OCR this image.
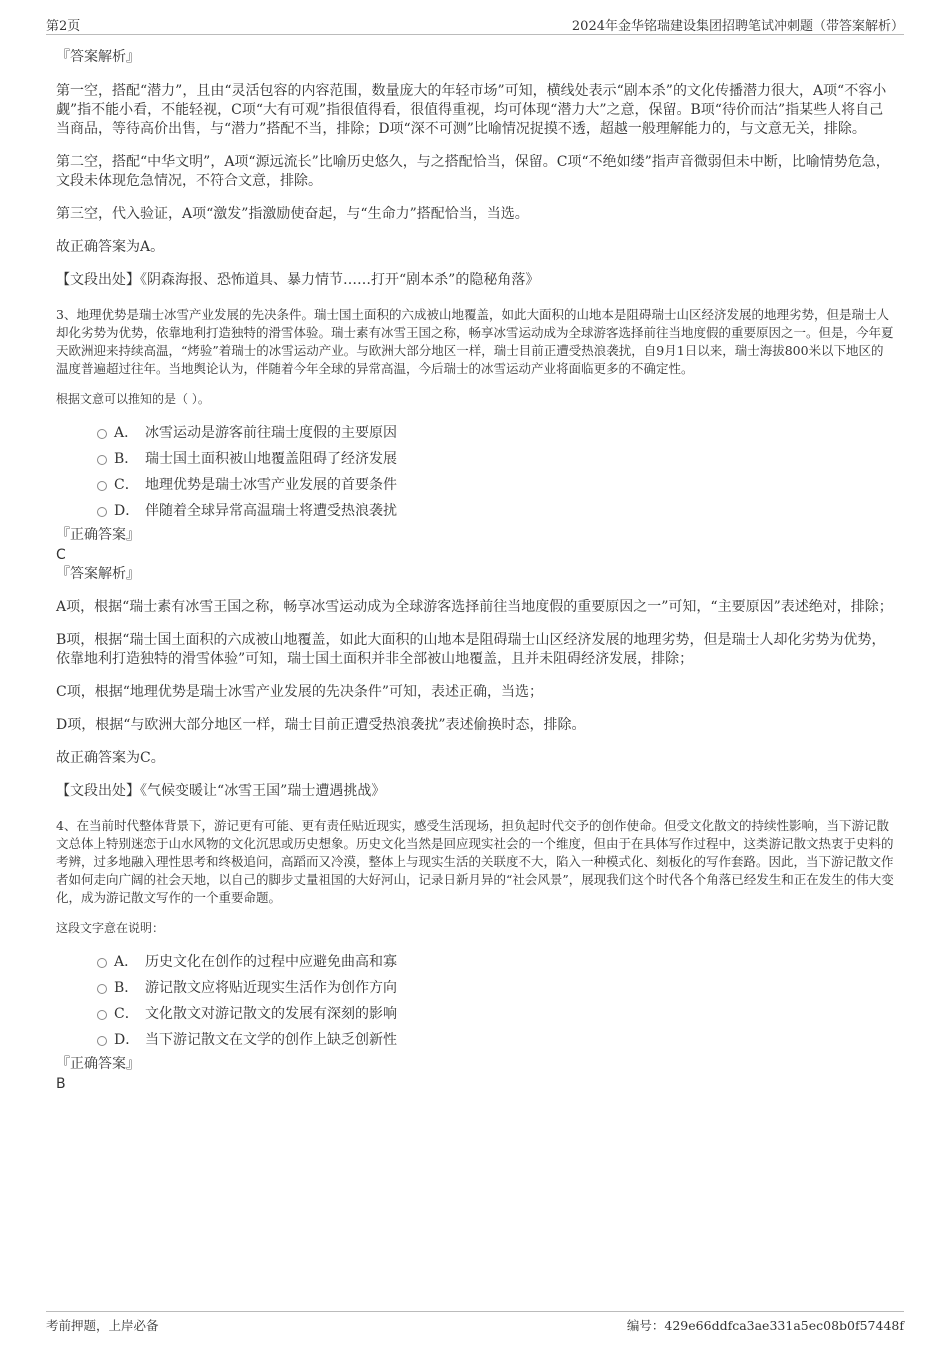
第2页	2024年金华铭瑞建设集团招聘笔试冲刺题（带答案解析）

『答案解析』

第一空，搭配“潜力”，且由“灵活包容的内容范围，数量庞大的年轻市场”可知，横线处表示“剧本杀”的文化传播潜力很大，A项“不容小觑”指不能小看，不能轻视，C项“大有可观”指很值得看，很值得重视，均可体现“潜力大”之意，保留。B项“待价而沽”指某些人将自己当商品，等待高价出售，与“潜力”搭配不当，排除；D项“深不可测”比喻情况捉摸不透，超越一般理解能力的，与文意无关，排除。

第二空，搭配“中华文明”，A项“源远流长”比喻历史悠久，与之搭配恰当，保留。C项“不绝如缕”指声音微弱但未中断，比喻情势危急，文段未体现危急情况，不符合文意，排除。

第三空，代入验证，A项“激发”指激励使奋起，与“生命力”搭配恰当，当选。

故正确答案为A。

【文段出处】《阴森海报、恐怖道具、暴力情节……打开“剧本杀”的隐秘角落》

3、地理优势是瑞士冰雪产业发展的先决条件。瑞士国土面积的六成被山地覆盖，如此大面积的山地本是阻碍瑞士山区经济发展的地理劣势，但是瑞士人却化劣势为优势，依靠地利打造独特的滑雪体验。瑞士素有冰雪王国之称，畅享冰雪运动成为全球游客选择前往当地度假的重要原因之一。但是，今年夏天欧洲迎来持续高温，“烤验”着瑞士的冰雪运动产业。与欧洲大部分地区一样，瑞士目前正遭受热浪袭扰，自9月1日以来，瑞士海拔800米以下地区的温度普遍超过往年。当地舆论认为，伴随着今年全球的异常高温，今后瑞士的冰雪运动产业将面临更多的不确定性。

根据文意可以推知的是（ ）。

A． 冰雪运动是游客前往瑞士度假的主要原因
B． 瑞士国土面积被山地覆盖阻碍了经济发展
C． 地理优势是瑞士冰雪产业发展的首要条件
D． 伴随着全球异常高温瑞士将遭受热浪袭扰

『正确答案』

C

『答案解析』

A项，根据“瑞士素有冰雪王国之称，畅享冰雪运动成为全球游客选择前往当地度假的重要原因之一”可知，“主要原因”表述绝对，排除；

B项，根据“瑞士国土面积的六成被山地覆盖，如此大面积的山地本是阻碍瑞士山区经济发展的地理劣势，但是瑞士人却化劣势为优势，依靠地利打造独特的滑雪体验”可知，瑞士国土面积并非全部被山地覆盖，且并未阻碍经济发展，排除；

C项，根据“地理优势是瑞士冰雪产业发展的先决条件”可知，表述正确，当选；

D项，根据“与欧洲大部分地区一样，瑞士目前正遭受热浪袭扰”表述偷换时态，排除。

故正确答案为C。

【文段出处】《气候变暖让“冰雪王国”瑞士遭遇挑战》

4、在当前时代整体背景下，游记更有可能、更有责任贴近现实，感受生活现场，担负起时代交予的创作使命。但受文化散文的持续性影响，当下游记散文总体上特别迷恋于山水风物的文化沉思或历史想象。历史文化当然是回应现实社会的一个维度，但由于在具体写作过程中，这类游记散文热衷于史料的考辨，过多地融入理性思考和终极追问，高蹈而又冷漠，整体上与现实生活的关联度不大，陷入一种模式化、刻板化的写作套路。因此，当下游记散文作者如何走向广阔的社会天地，以自己的脚步丈量祖国的大好河山，记录日新月异的“社会风景”，展现我们这个时代各个角落已经发生和正在发生的伟大变化，成为游记散文写作的一个重要命题。

这段文字意在说明：

A． 历史文化在创作的过程中应避免曲高和寡
B． 游记散文应将贴近现实生活作为创作方向
C． 文化散文对游记散文的发展有深刻的影响
D． 当下游记散文在文学的创作上缺乏创新性

『正确答案』

B

考前押题，上岸必备	编号：429e66ddfca3ae331a5ec08b0f57448f
